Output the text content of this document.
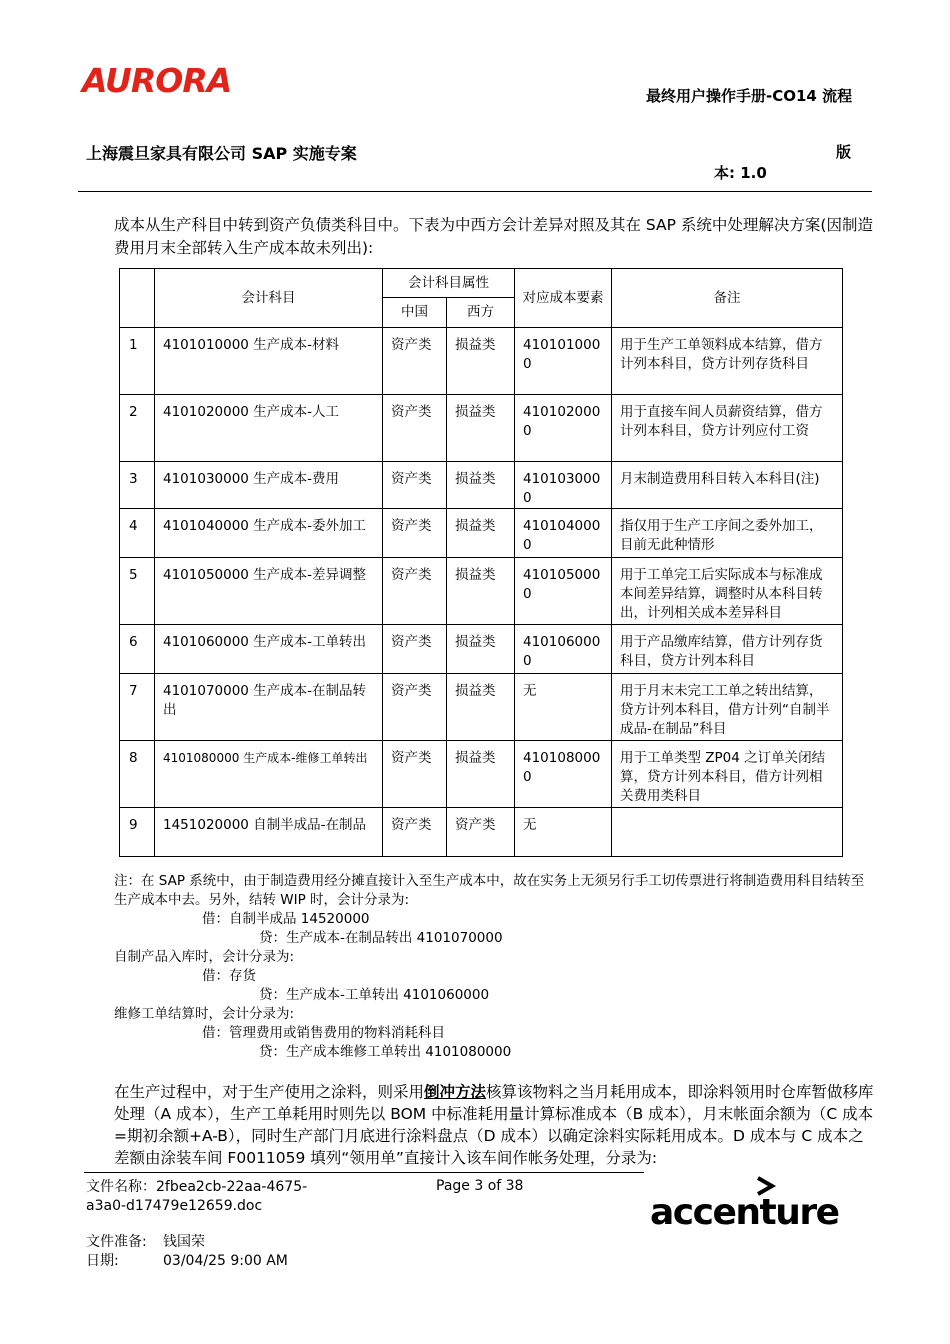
AURORA	最终用户操作手册-CO14 流程
上海震旦家具有限公司 SAP 实施专案	版
本: 1.0
成本从生产科目中转到资产负债类科目中。下表为中西方会计差异对照及其在 SAP 系统中处理解决方案(因制造费用月末全部转入生产成本故未列出):
	会计科目	会计科目属性		对应成本要素	备注
		中国	西方		
1	4101010000 生产成本-材料	资产类	损益类	4101010000	用于生产工单领料成本结算，借方计列本科目，贷方计列存货科目
2	4101020000 生产成本-人工	资产类	损益类	4101020000	用于直接车间人员薪资结算，借方计列本科目，贷方计列应付工资
3	4101030000 生产成本-费用	资产类	损益类	4101030000	月末制造费用科目转入本科目(注)
4	4101040000 生产成本-委外加工	资产类	损益类	4101040000	指仅用于生产工序间之委外加工，目前无此种情形
5	4101050000 生产成本-差异调整	资产类	损益类	4101050000	用于工单完工后实际成本与标准成本间差异结算，调整时从本科目转出，计列相关成本差异科目
6	4101060000 生产成本-工单转出	资产类	损益类	4101060000	用于产品缴库结算，借方计列存货科目，贷方计列本科目
7	4101070000 生产成本-在制品转出	资产类	损益类	无	用于月末未完工工单之转出结算，贷方计列本科目，借方计列“自制半成品-在制品”科目
8	4101080000 生产成本-维修工单转出	资产类	损益类	4101080000	用于工单类型 ZP04 之订单关闭结算，贷方计列本科目，借方计列相关费用类科目
9	1451020000 自制半成品-在制品	资产类	资产类	无	
注：在 SAP 系统中，由于制造费用经分摊直接计入至生产成本中，故在实务上无须另行手工切传票进行将制造费用科目结转至生产成本中去。另外，结转 WIP 时，会计分录为:
借：自制半成品 14520000
贷：生产成本-在制品转出 4101070000
自制产品入库时，会计分录为:
借：存货
贷：生产成本-工单转出 4101060000
维修工单结算时，会计分录为:
借：管理费用或销售费用的物料消耗科目
贷：生产成本维修工单转出 4101080000
在生产过程中，对于生产使用之涂料，则采用倒冲方法核算该物料之当月耗用成本，即涂料领用时仓库暂做移库处理（A 成本），生产工单耗用时则先以 BOM 中标准耗用量计算标准成本（B 成本），月末帐面余额为（C 成本=期初余额+A-B），同时生产部门月底进行涂料盘点（D 成本）以确定涂料实际耗用成本。D 成本与 C 成本之差额由涂装车间 F0011059 填列“领用单”直接计入该车间作帐务处理，分录为:
文件名称：2fbea2cb-22aa-4675-
a3a0-d17479e12659.doc
Page 3 of 38
文件准备: 钱国荣
日期:	03/04/25 9:00 AM
accenture
